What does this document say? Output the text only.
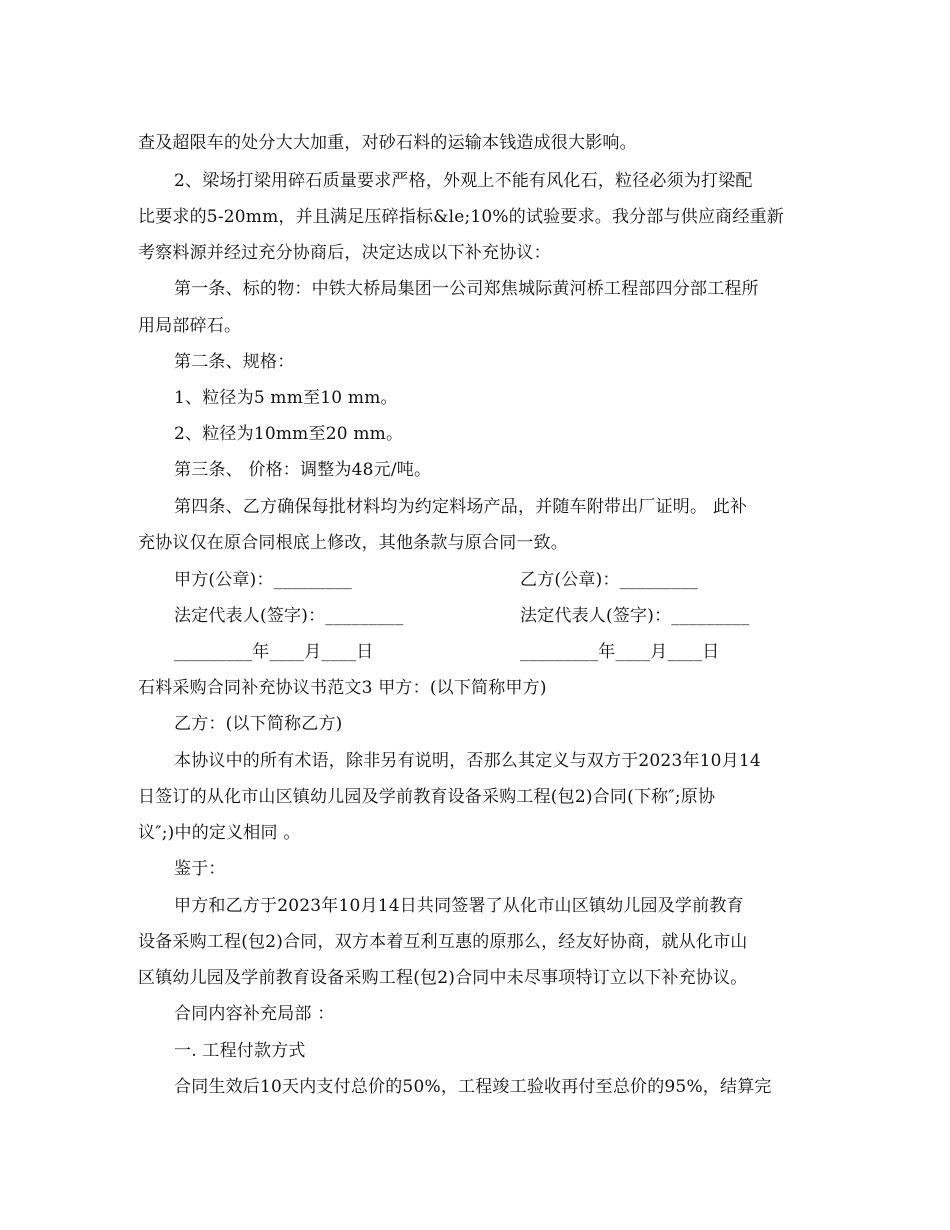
查及超限车的处分大大加重，对砂石料的运输本钱造成很大影响。
2、梁场打梁用碎石质量要求严格，外观上不能有风化石，粒径必须为打梁配
比要求的5-20mm，并且满足压碎指标&le;10%的试验要求。我分部与供应商经重新
考察料源并经过充分协商后，决定达成以下补充协议：
第一条、标的物：中铁大桥局集团一公司郑焦城际黄河桥工程部四分部工程所
用局部碎石。
第二条、规格：
1、粒径为5 mm至10 mm。
2、粒径为10mm至20 mm。
第三条、 价格：调整为48元/吨。
第四条、乙方确保每批材料均为约定料场产品，并随车附带出厂证明。 此补
充协议仅在原合同根底上修改，其他条款与原合同一致。
甲方(公章)：_________	乙方(公章)：_________
法定代表人(签字)：_________	法定代表人(签字)：_________
_________年____月____日	_________年____月____日
石料采购合同补充协议书范文3 甲方：(以下简称甲方)
乙方：(以下简称乙方)
本协议中的所有术语，除非另有说明，否那么其定义与双方于2023年10月14
日签订的从化市山区镇幼儿园及学前教育设备采购工程(包2)合同(下称″;原协
议″;)中的定义相同 。
鉴于：
甲方和乙方于2023年10月14日共同签署了从化市山区镇幼儿园及学前教育
设备采购工程(包2)合同，双方本着互利互惠的原那么，经友好协商，就从化市山
区镇幼儿园及学前教育设备采购工程(包2)合同中未尽事项特订立以下补充协议。
合同内容补充局部 ：
一. 工程付款方式
合同生效后10天内支付总价的50%，工程竣工验收再付至总价的95%，结算完
